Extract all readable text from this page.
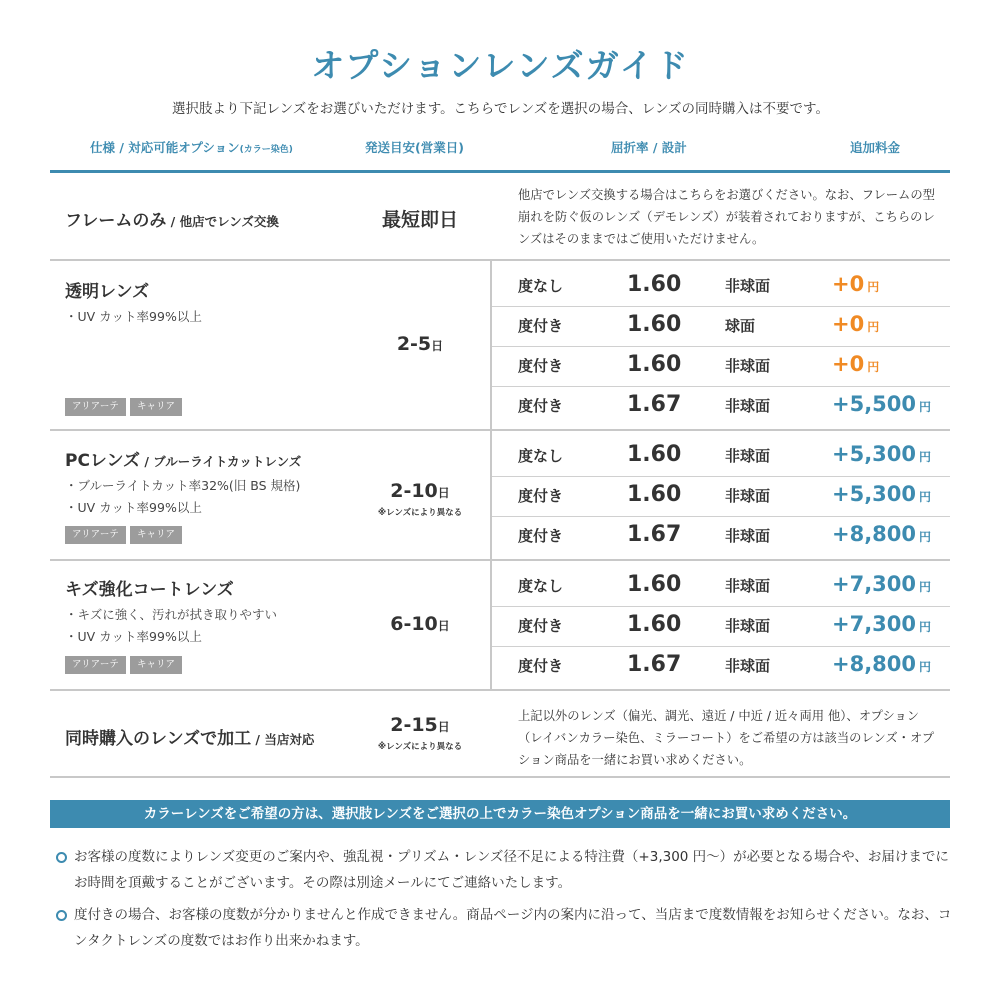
オプションレンズガイド
選択肢より下記レンズをお選びいただけます。こちらでレンズを選択の場合、レンズの同時購入は不要です。
仕様 / 対応可能オプション(カラー染色)	発送目安(営業日)	屈折率 / 設計	追加料金
フレームのみ / 他店でレンズ交換	最短即日
他店でレンズ交換する場合はこちらをお選びください。なお、フレームの型崩れを防ぐ仮のレンズ（デモレンズ）が装着されておりますが、こちらのレンズはそのままではご使用いただけません。
透明レンズ
・UV カット率99%以上
アリアーテ	キャリア
2-5日
度なし	1.60	非球面	+0 円
度付き	1.60	球面	+0 円
度付き	1.60	非球面	+0 円
度付き	1.67	非球面	+5,500 円
PCレンズ / ブルーライトカットレンズ
・ブルーライトカット率32%(旧 BS 規格)
・UV カット率99%以上
アリアーテ	キャリア
2-10日
※レンズにより異なる
度なし	1.60	非球面	+5,300 円
度付き	1.60	非球面	+5,300 円
度付き	1.67	非球面	+8,800 円
キズ強化コートレンズ
・キズに強く、汚れが拭き取りやすい
・UV カット率99%以上
アリアーテ	キャリア
6-10日
度なし	1.60	非球面	+7,300 円
度付き	1.60	非球面	+7,300 円
度付き	1.67	非球面	+8,800 円
同時購入のレンズで加工 / 当店対応
2-15日
※レンズにより異なる
上記以外のレンズ（偏光、調光、遠近 / 中近 / 近々両用 他）、オプション（レイバンカラー染色、ミラーコート）をご希望の方は該当のレンズ・オプション商品を一緒にお買い求めください。
カラーレンズをご希望の方は、選択肢レンズをご選択の上でカラー染色オプション商品を一緒にお買い求めください。
お客様の度数によりレンズ変更のご案内や、強乱視・プリズム・レンズ径不足による特注費（+3,300 円〜）が必要となる場合や、お届けまでにお時間を頂戴することがございます。その際は別途メールにてご連絡いたします。
度付きの場合、お客様の度数が分かりませんと作成できません。商品ページ内の案内に沿って、当店まで度数情報をお知らせください。なお、コンタクトレンズの度数ではお作り出来かねます。
